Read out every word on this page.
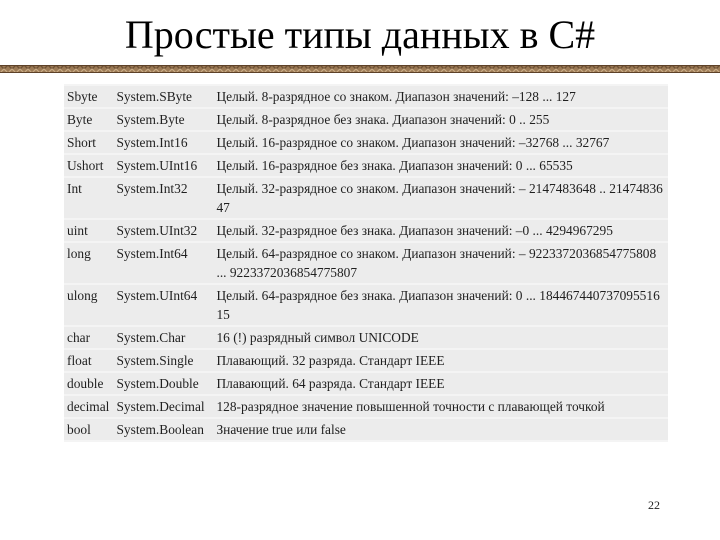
Простые типы данных в C#
Sbyte	System.SByte	Целый. 8-разрядное со знаком. Диапазон значений: –128 ... 127
Byte	System.Byte	Целый. 8-разрядное без знака. Диапазон значений: 0 .. 255
Short	System.Int16	Целый. 16-разрядное со знаком. Диапазон значений: –32768 ... 32767
Ushort	System.UInt16	Целый. 16-разрядное без знака. Диапазон значений: 0 ... 65535
Int	System.Int32	Целый. 32-разрядное со знаком. Диапазон значений: – 2147483648 .. 2147483647
uint	System.UInt32	Целый. 32-разрядное без знака. Диапазон значений: –0 ... 4294967295
long	System.Int64	Целый. 64-разрядное со знаком. Диапазон значений: – 9223372036854775808 ... 9223372036854775807
ulong	System.UInt64	Целый. 64-разрядное без знака. Диапазон значений: 0 ... 18446744073709551615
char	System.Char	16 (!) разрядный символ UNICODE
float	System.Single	Плавающий. 32 разряда. Стандарт IEEE
double	System.Double	Плавающий. 64 разряда. Стандарт IEEE
decimal	System.Decimal	128-разрядное значение повышенной точности с плавающей точкой
bool	System.Boolean	Значение true или false
22
